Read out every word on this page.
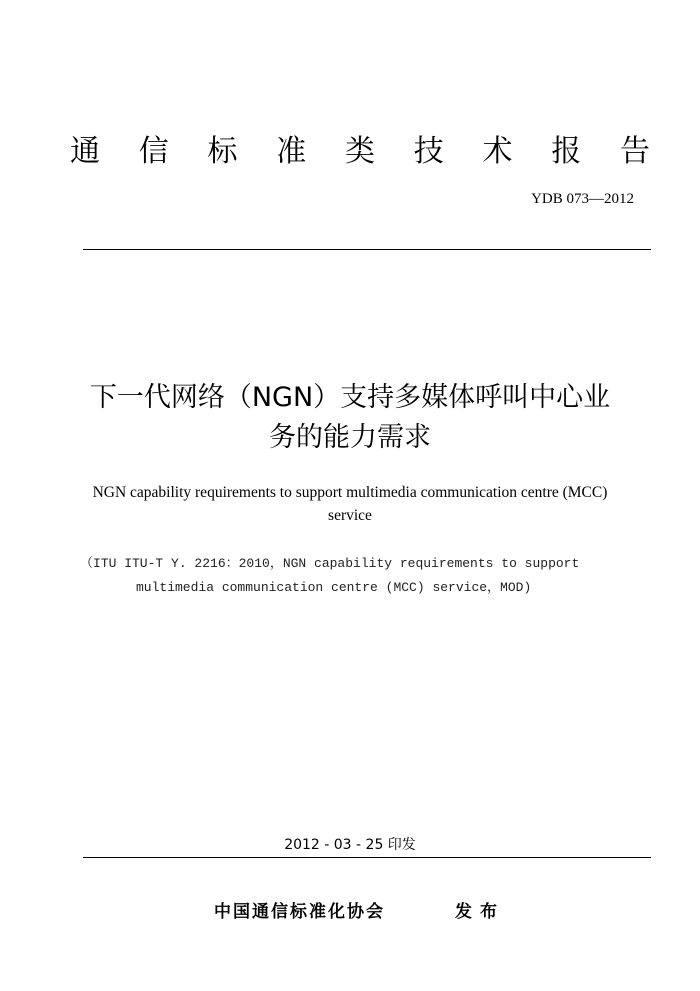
通 信 标 准 类 技 术 报 告
YDB 073—2012
下一代网络（NGN）支持多媒体呼叫中心业
务的能力需求
NGN capability requirements to support multimedia communication centre (MCC)
service
（ITU ITU-T Y. 2216：2010，NGN capability requirements to support
multimedia communication centre (MCC) service，MOD)
2012 - 03 - 25 印发
中国通信标准化协会	发布
